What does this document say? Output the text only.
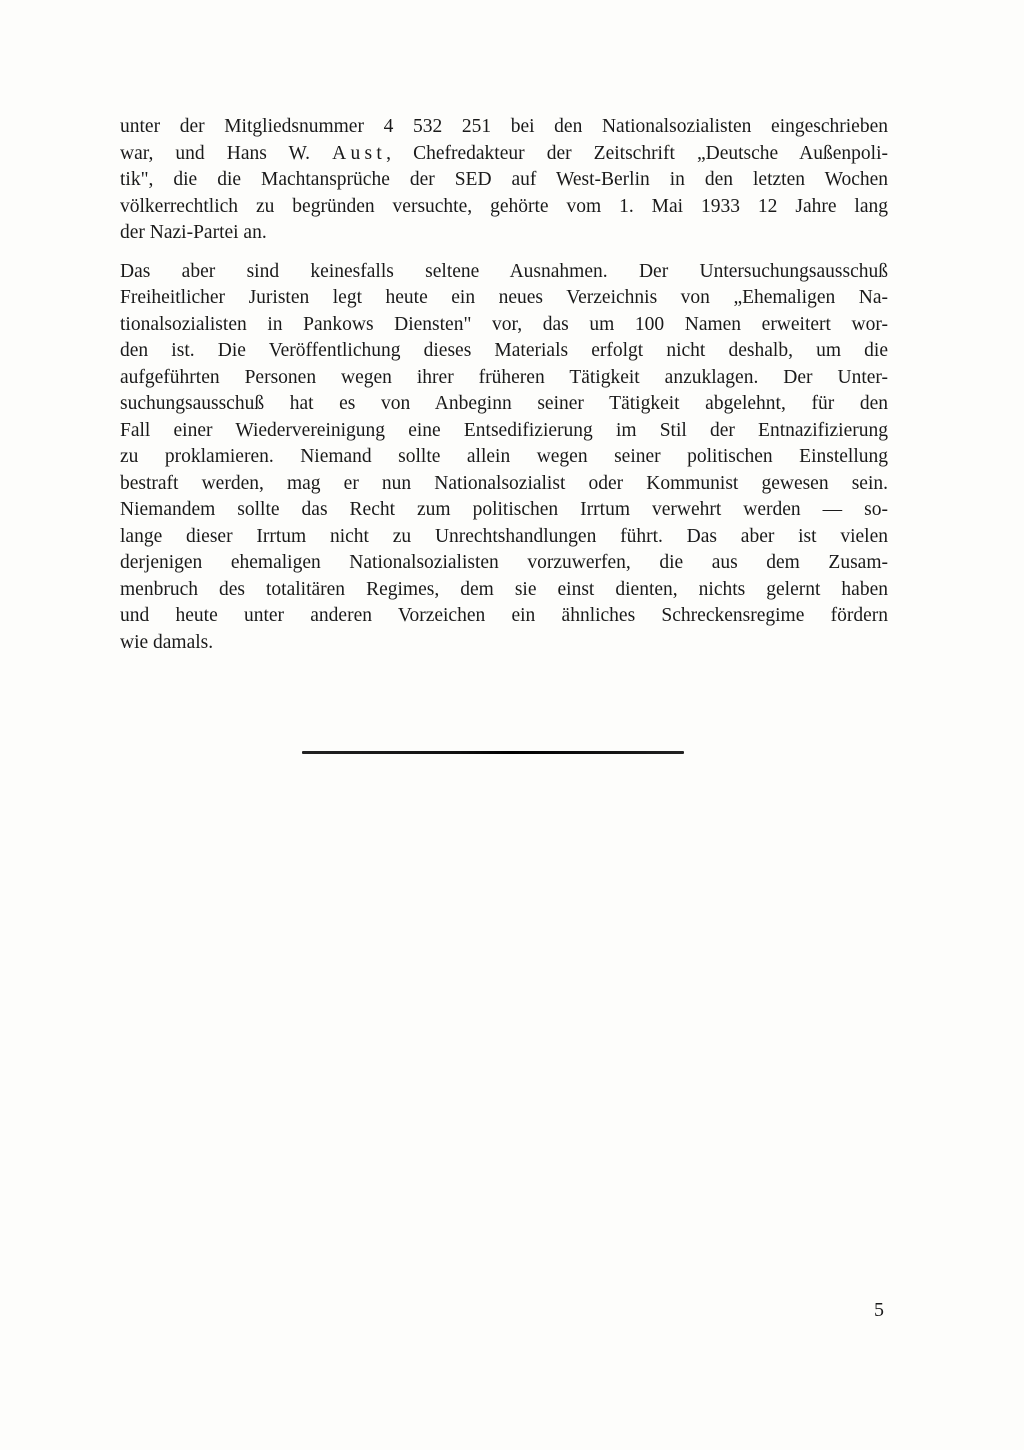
unter der Mitgliedsnummer 4 532 251 bei den Nationalsozialisten eingeschrieben
war, und Hans W. Aust, Chefredakteur der Zeitschrift „Deutsche Außenpoli-
tik", die die Machtansprüche der SED auf West-Berlin in den letzten Wochen
völkerrechtlich zu begründen versuchte, gehörte vom 1. Mai 1933 12 Jahre lang
der Nazi-Partei an.

Das aber sind keinesfalls seltene Ausnahmen. Der Untersuchungsausschuß
Freiheitlicher Juristen legt heute ein neues Verzeichnis von „Ehemaligen Na-
tionalsozialisten in Pankows Diensten" vor, das um 100 Namen erweitert wor-
den ist. Die Veröffentlichung dieses Materials erfolgt nicht deshalb, um die
aufgeführten Personen wegen ihrer früheren Tätigkeit anzuklagen. Der Unter-
suchungsausschuß hat es von Anbeginn seiner Tätigkeit abgelehnt, für den
Fall einer Wiedervereinigung eine Entsedifizierung im Stil der Entnazifizierung
zu proklamieren. Niemand sollte allein wegen seiner politischen Einstellung
bestraft werden, mag er nun Nationalsozialist oder Kommunist gewesen sein.
Niemandem sollte das Recht zum politischen Irrtum verwehrt werden — so-
lange dieser Irrtum nicht zu Unrechtshandlungen führt. Das aber ist vielen
derjenigen ehemaligen Nationalsozialisten vorzuwerfen, die aus dem Zusam-
menbruch des totalitären Regimes, dem sie einst dienten, nichts gelernt haben
und heute unter anderen Vorzeichen ein ähnliches Schreckensregime fördern
wie damals.

5
